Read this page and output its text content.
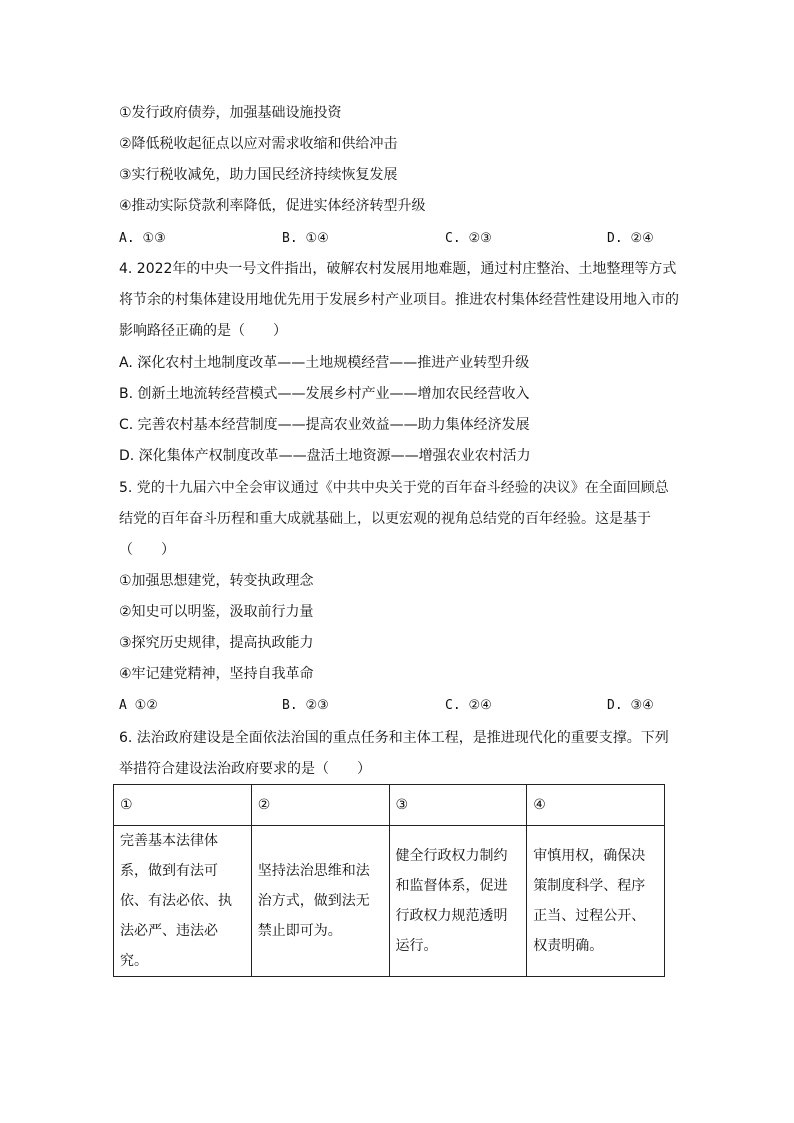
①发行政府债券，加强基础设施投资
②降低税收起征点以应对需求收缩和供给冲击
③实行税收减免，助力国民经济持续恢复发展
④推动实际贷款利率降低，促进实体经济转型升级
A. ①③	B. ①④	C. ②③	D. ②④
4. 2022年的中央一号文件指出，破解农村发展用地难题，通过村庄整治、土地整理等方式
将节余的村集体建设用地优先用于发展乡村产业项目。推进农村集体经营性建设用地入市的
影响路径正确的是（　　）
A. 深化农村土地制度改革——土地规模经营——推进产业转型升级
B. 创新土地流转经营模式——发展乡村产业——增加农民经营收入
C. 完善农村基本经营制度——提高农业效益——助力集体经济发展
D. 深化集体产权制度改革——盘活土地资源——增强农业农村活力
5. 党的十九届六中全会审议通过《中共中央关于党的百年奋斗经验的决议》在全面回顾总
结党的百年奋斗历程和重大成就基础上，以更宏观的视角总结党的百年经验。这是基于
（　　）
①加强思想建党，转变执政理念
②知史可以明鉴，汲取前行力量
③探究历史规律，提高执政能力
④牢记建党精神，坚持自我革命
A ①②	B. ②③	C. ②④	D. ③④
6. 法治政府建设是全面依法治国的重点任务和主体工程，是推进现代化的重要支撑。下列
举措符合建设法治政府要求的是（　　）
①	②	③	④

完善基本法律体系，做到有法可依、有法必依、执法必严、违法必究。	坚持法治思维和法治方式，做到法无禁止即可为。	健全行政权力制约和监督体系，促进行政权力规范透明运行。	审慎用权，确保决策制度科学、程序正当、过程公开、权责明确。
